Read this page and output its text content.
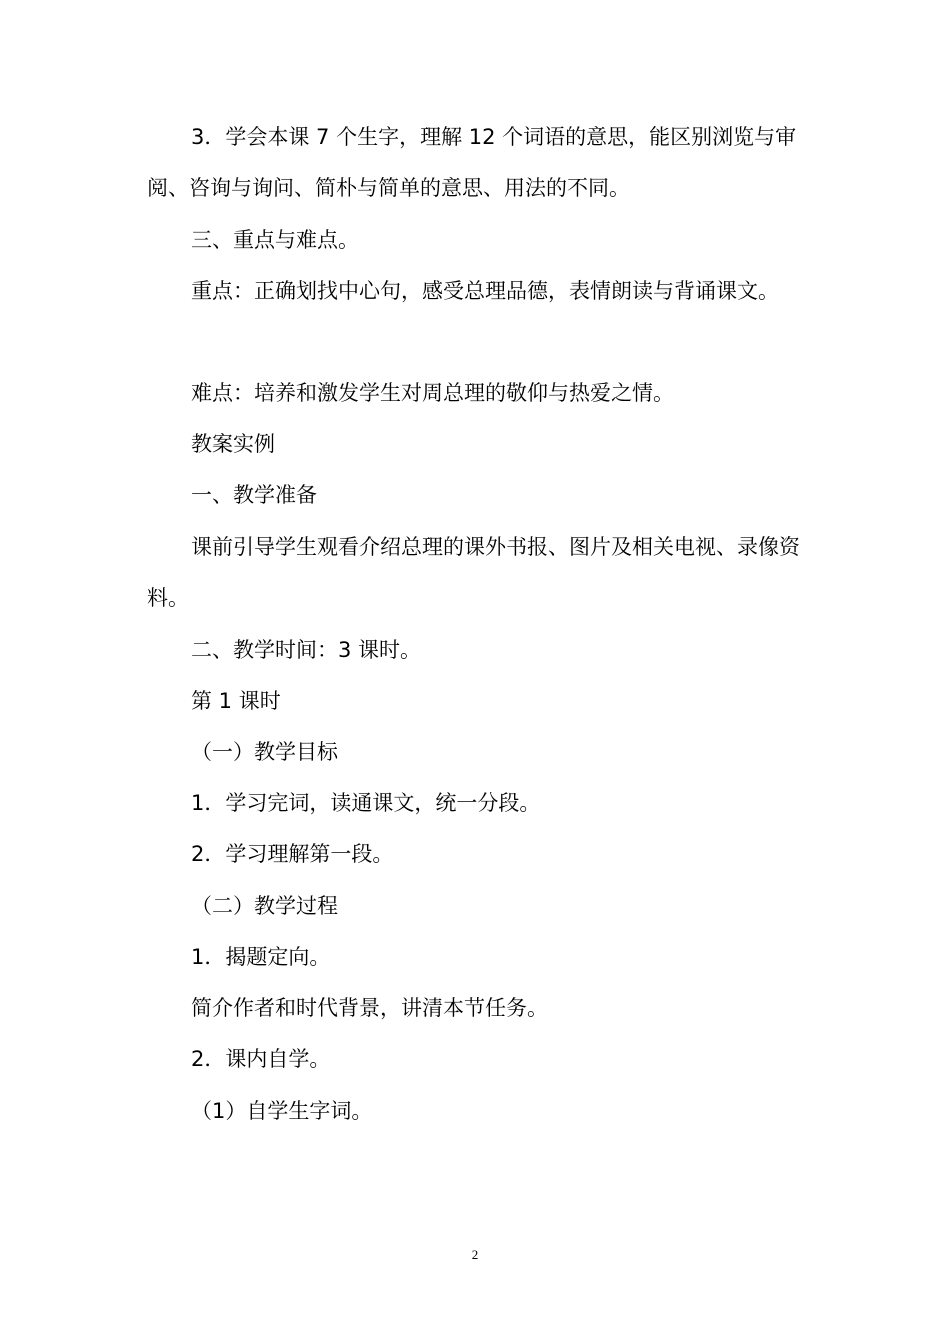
3．学会本课 7 个生字，理解 12 个词语的意思，能区别浏览与审阅、咨询与询问、简朴与简单的意思、用法的不同。

三、重点与难点。

重点：正确划找中心句，感受总理品德，表情朗读与背诵课文。

难点：培养和激发学生对周总理的敬仰与热爱之情。

教案实例

一、教学准备

课前引导学生观看介绍总理的课外书报、图片及相关电视、录像资料。

二、教学时间：3 课时。

第 1 课时

（一）教学目标

1．学习完词，读通课文，统一分段。

2．学习理解第一段。

（二）教学过程

1．揭题定向。

简介作者和时代背景，讲清本节任务。

2．课内自学。

（1）自学生字词。

2
